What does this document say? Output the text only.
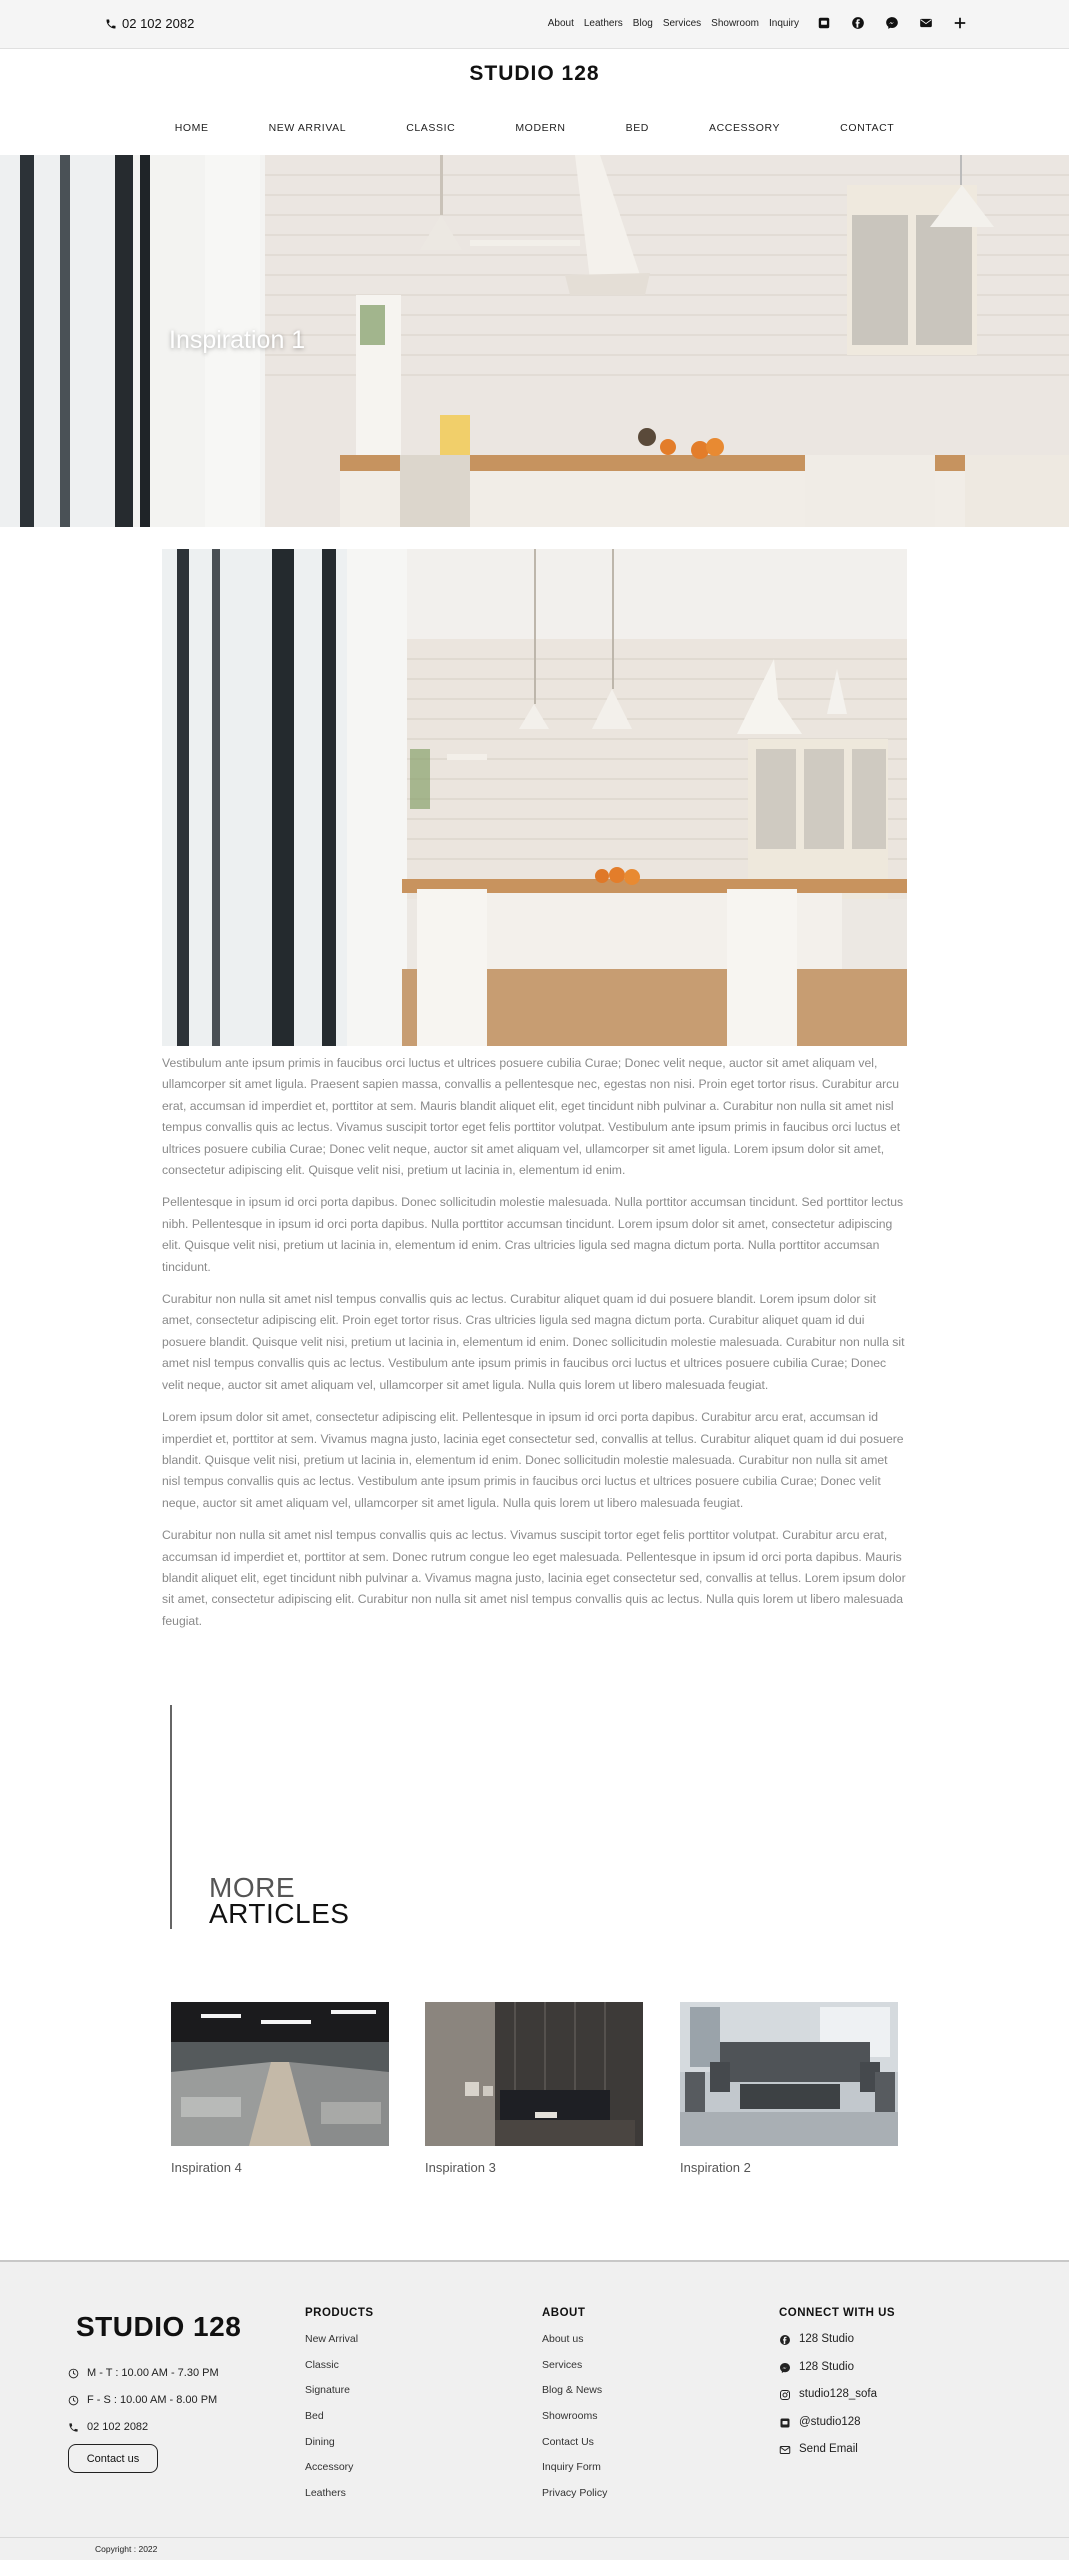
02 102 2082	About Leathers Blog Services Showroom Inquiry
STUDIO 128
HOME	NEW ARRIVAL	CLASSIC	MODERN	BED	ACCESSORY	CONTACT
Inspiration 1

Vestibulum ante ipsum primis in faucibus orci luctus et ultrices posuere cubilia Curae; Donec velit neque, auctor sit amet aliquam vel, ullamcorper sit amet ligula. Praesent sapien massa, convallis a pellentesque nec, egestas non nisi. Proin eget tortor risus. Curabitur arcu erat, accumsan id imperdiet et, porttitor at sem. Mauris blandit aliquet elit, eget tincidunt nibh pulvinar a. Curabitur non nulla sit amet nisl tempus convallis quis ac lectus. Vivamus suscipit tortor eget felis porttitor volutpat. Vestibulum ante ipsum primis in faucibus orci luctus et ultrices posuere cubilia Curae; Donec velit neque, auctor sit amet aliquam vel, ullamcorper sit amet ligula. Lorem ipsum dolor sit amet, consectetur adipiscing elit. Quisque velit nisi, pretium ut lacinia in, elementum id enim.

Pellentesque in ipsum id orci porta dapibus. Donec sollicitudin molestie malesuada. Nulla porttitor accumsan tincidunt. Sed porttitor lectus nibh. Pellentesque in ipsum id orci porta dapibus. Nulla porttitor accumsan tincidunt. Lorem ipsum dolor sit amet, consectetur adipiscing elit. Quisque velit nisi, pretium ut lacinia in, elementum id enim. Cras ultricies ligula sed magna dictum porta. Nulla porttitor accumsan tincidunt.

Curabitur non nulla sit amet nisl tempus convallis quis ac lectus. Curabitur aliquet quam id dui posuere blandit. Lorem ipsum dolor sit amet, consectetur adipiscing elit. Proin eget tortor risus. Cras ultricies ligula sed magna dictum porta. Curabitur aliquet quam id dui posuere blandit. Quisque velit nisi, pretium ut lacinia in, elementum id enim. Donec sollicitudin molestie malesuada. Curabitur non nulla sit amet nisl tempus convallis quis ac lectus. Vestibulum ante ipsum primis in faucibus orci luctus et ultrices posuere cubilia Curae; Donec velit neque, auctor sit amet aliquam vel, ullamcorper sit amet ligula. Nulla quis lorem ut libero malesuada feugiat.

Lorem ipsum dolor sit amet, consectetur adipiscing elit. Pellentesque in ipsum id orci porta dapibus. Curabitur arcu erat, accumsan id imperdiet et, porttitor at sem. Vivamus magna justo, lacinia eget consectetur sed, convallis at tellus. Curabitur aliquet quam id dui posuere blandit. Quisque velit nisi, pretium ut lacinia in, elementum id enim. Donec sollicitudin molestie malesuada. Curabitur non nulla sit amet nisl tempus convallis quis ac lectus. Vestibulum ante ipsum primis in faucibus orci luctus et ultrices posuere cubilia Curae; Donec velit neque, auctor sit amet aliquam vel, ullamcorper sit amet ligula. Nulla quis lorem ut libero malesuada feugiat.

Curabitur non nulla sit amet nisl tempus convallis quis ac lectus. Vivamus suscipit tortor eget felis porttitor volutpat. Curabitur arcu erat, accumsan id imperdiet et, porttitor at sem. Donec rutrum congue leo eget malesuada. Pellentesque in ipsum id orci porta dapibus. Mauris blandit aliquet elit, eget tincidunt nibh pulvinar a. Vivamus magna justo, lacinia eget consectetur sed, convallis at tellus. Lorem ipsum dolor sit amet, consectetur adipiscing elit. Curabitur non nulla sit amet nisl tempus convallis quis ac lectus. Nulla quis lorem ut libero malesuada feugiat.

MORE
ARTICLES
Inspiration 4	Inspiration 3	Inspiration 2
STUDIO 128
M - T : 10.00 AM - 7.30 PM
F - S : 10.00 AM - 8.00 PM
02 102 2082
Contact us
PRODUCTS
New Arrival
Classic
Signature
Bed
Dining
Accessory
Leathers
ABOUT
About us
Services
Blog & News
Showrooms
Contact Us
Inquiry Form
Privacy Policy
CONNECT WITH US
128 Studio
128 Studio
studio128_sofa
@studio128
Send Email
Copyright : 2022
